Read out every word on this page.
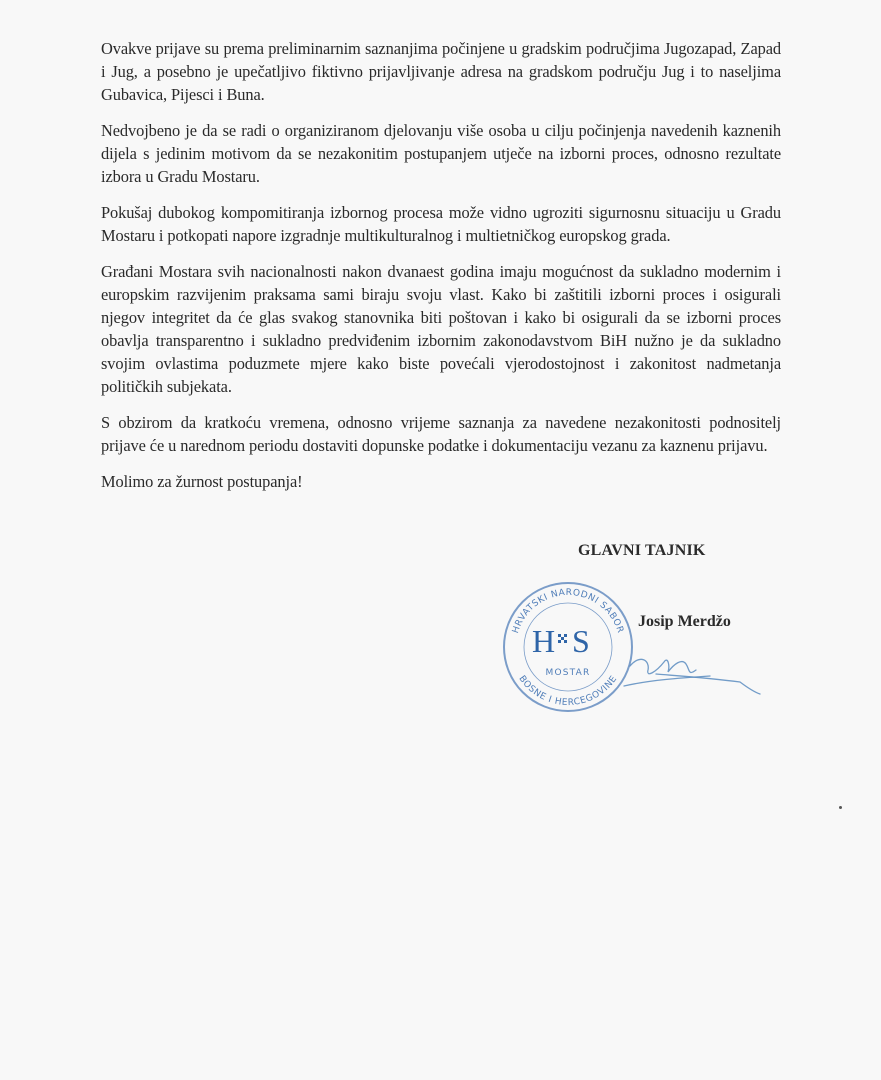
Ovakve prijave su prema preliminarnim saznanjima počinjene u gradskim područjima Jugozapad, Zapad i Jug, a posebno je upečatljivo fiktivno prijavljivanje adresa na gradskom području Jug i to naseljima Gubavica, Pijesci i Buna.

Nedvojbeno je da se radi o organiziranom djelovanju više osoba u cilju počinjenja navedenih kaznenih dijela s jedinim motivom da se nezakonitim postupanjem utječe na izborni proces, odnosno rezultate izbora u Gradu Mostaru.

Pokušaj dubokog kompomitiranja izbornog procesa može vidno ugroziti sigurnosnu situaciju u Gradu Mostaru i potkopati napore izgradnje multikulturalnog i multietničkog europskog grada.

Građani Mostara svih nacionalnosti nakon dvanaest godina imaju mogućnost da sukladno modernim i europskim razvijenim praksama sami biraju svoju vlast. Kako bi zaštitili izborni proces i osigurali njegov integritet da će glas svakog stanovnika biti poštovan i kako bi osigurali da se izborni proces obavlja transparentno i sukladno predviđenim izbornim zakonodavstvom BiH nužno je da sukladno svojim ovlastima poduzmete mjere kako biste povećali vjerodostojnost i zakonitost nadmetanja političkih subjekata.

S obzirom da kratkoću vremena, odnosno vrijeme saznanja za navedene nezakonitosti podnositelj prijave će u narednom periodu dostaviti dopunske podatke i dokumentaciju vezanu za kaznenu prijavu.

Molimo za žurnost postupanja!

GLAVNI TAJNIK
HRVATSKI NARODNI SABOR
BOSNE I HERCEGOVINE
H S
MOSTAR
Josip Merdžo
